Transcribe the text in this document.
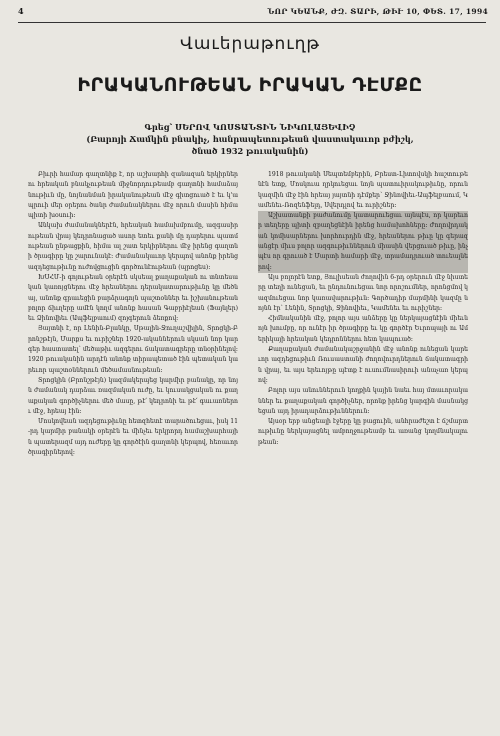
4	ՆՈՐ ԿԵԱՆՔ, ԺԶ. ՏԱՐԻ, ԹԻՒ 10, ՓԵՏ. 17, 1994
Վաւերաթուղթ
ԻՐԱԿԱՆՈՒԹԵԱՆ ԻՐԱԿԱՆ ԴԷՄՔԸ
Գրեց՝ ՍԵՐՈՎ ԿՈՍՏԱՆՏԻՆ ՆԻԿՈԼԱՅԵՎԻՉ
(Բարոյի Ճամկին բնակիչ, հանրապետութեան վաստակաւոր բժիշկ,
ծնած 1932 թուականին)

Բիւրի համար գաղտնիք է, որ աշխարհի զանազան երկիրներու հրեական բնակչութեան միջնորդութեամբ գաղտնի համաձայնութիւն մը, նոյնանման իրականութեան մէջ գիտցուած է եւ կ'ապրուի մեր օրերու ծանր ժամանակներու մէջ որուն մասին հիմա պիտի խօսուի։

Անկախ ժամանակներէն, հրեական համախմբումը, ազգասիրութեան վրայ կեդրոնացած ասոր ետեւ քանի մը դարերու պատմութեան ընթացքին, հիմա ալ շատ երկիրներու մէջ իրենց գաղտնի ծրագիրը կը շարունակէ։ Ժամանակաւոր կերպով անոնք իրենց ազդեցութիւնը ուժովցուցին գործունէութեան (պրոցես)։

ԽՍՀՄ-ի գոյութեան օրերէն սկսեալ քաղաքական ու տնտեսական կառոյցներու մէջ հրեաներու դերակատարութիւնը կը մեծնայ, անոնք գրաւեցին բարձրագոյն պաշտօններ եւ իշխանութեան բոլոր ճիւղերը ամէն կողմ անոնք հասան Գաբրիէլեան (Ֆայնլեր) եւ Ձինովիեւ (Ապֆելբաում) զոյգերուն ձեռքով։

Յայտնի է, որ Լենին-Բլանկը, Սթալին-Ջուղաշվիլին, Տրոցկի-Բրոնշթէյն, Մարքս եւ ուրիշներ 1920-ականներուն սկսան նոր կարգեր հաստատել՝ մեծաթիւ ազգերու ճակատագրերը տնօրինելով։ 1920 թուականին արդէն անոնք տիրապետած էին պետական կարեւոր պաշտօններուն մեծամասնութեան։

Տրոցկին (Բրոնշթէյն) կազմակերպեց կարմիր բանակը, որ նոյն ժամանակ դարձաւ ռազմական ուժը, եւ կուսակցական ու քաղաքական գործիչներու մեծ մասը, թէ՛ կեդրոնի եւ թէ՛ գաւառներու մէջ, հրեայ էին։

Մոսկովեան ազդեցութիւնը հետզհետէ տարածուեցաւ, իսկ 11-րդ կարմիր բանակի օրերէն եւ մինչեւ երկրորդ համաշխարհային պատերազմ այդ ուժերը կը գործէին գաղտնի կերպով, հեռաւոր ծրագիրներով։

1918 թուականի Սեպտեմբերին, Բրեստ-Լիտովսկի հաշտութենէն ետք, Մոսկուա ղրկուեցաւ նոյն պատուիրակութիւնը, որուն կազմին մէջ էին հրեայ յայտնի դէմքեր՝ Ջինովիեւ-Ապֆելբաում, Կամենեւ-Ռոզենֆելդ, Սվերդլով եւ ուրիշներ։

Աշխատանքի բաժանումը կատարուեցաւ այնպէս, որ կարեւոր տեղերը պիտի զբաղեցնէին իրենց համախոհները։ Ժողովրդական կոմիսարներու խորհուրդին մէջ, հրեաներու թիւը կը գերազանցէր միւս բոլոր ազգութիւններուն միասին վերցուած թիւը, ինչպէս որ գրուած է Մարտի համարի մէջ, տրամադրուած տուեալներով։

Այս բոլորէն ետք, Յուլիսեան ժողովին 6-րդ օրերուն մէջ նիստերը տեղի ունեցան, եւ ընդունուեցաւ նոր որոշումներ, որոնցմով կազմուեցաւ նոր կառավարութիւն։ Գործադիր մարմինի կազմը նոյնն էր՝ Լենին, Տրոցկի, Ջինովիեւ, Կամենեւ եւ ուրիշներ։

Հիմնականին մէջ, բոլոր այս անձերը կը ներկայացնէին միեւնոյն խումբը, որ ունէր իր ծրագիրը եւ կը գործէր Եւրոպայի ու Ամերիկայի հրեական կեդրոններու հետ կապուած։

Քաղաքական ժամանակաշրջանին մէջ անոնք ունեցան կարեւոր ազդեցութիւն Ռուսաստանի ժողովուրդներուն ճակատագրին վրայ, եւ այս երեւոյթը պէտք է ուսումնասիրուի անաչառ կերպով։

Բոլոր այս անուններուն կողքին կային նաեւ հայ մտաւորականներ եւ քաղաքական գործիչներ, որոնք իրենց կարգին մասնակցեցան այդ իրադարձութիւններուն։

Այսօր երբ անցեալի էջերը կը բացուին, անհրաժեշտ է ճշմարտութիւնը ներկայացնել ամբողջութեամբ եւ առանց կողմնակալութեան։
